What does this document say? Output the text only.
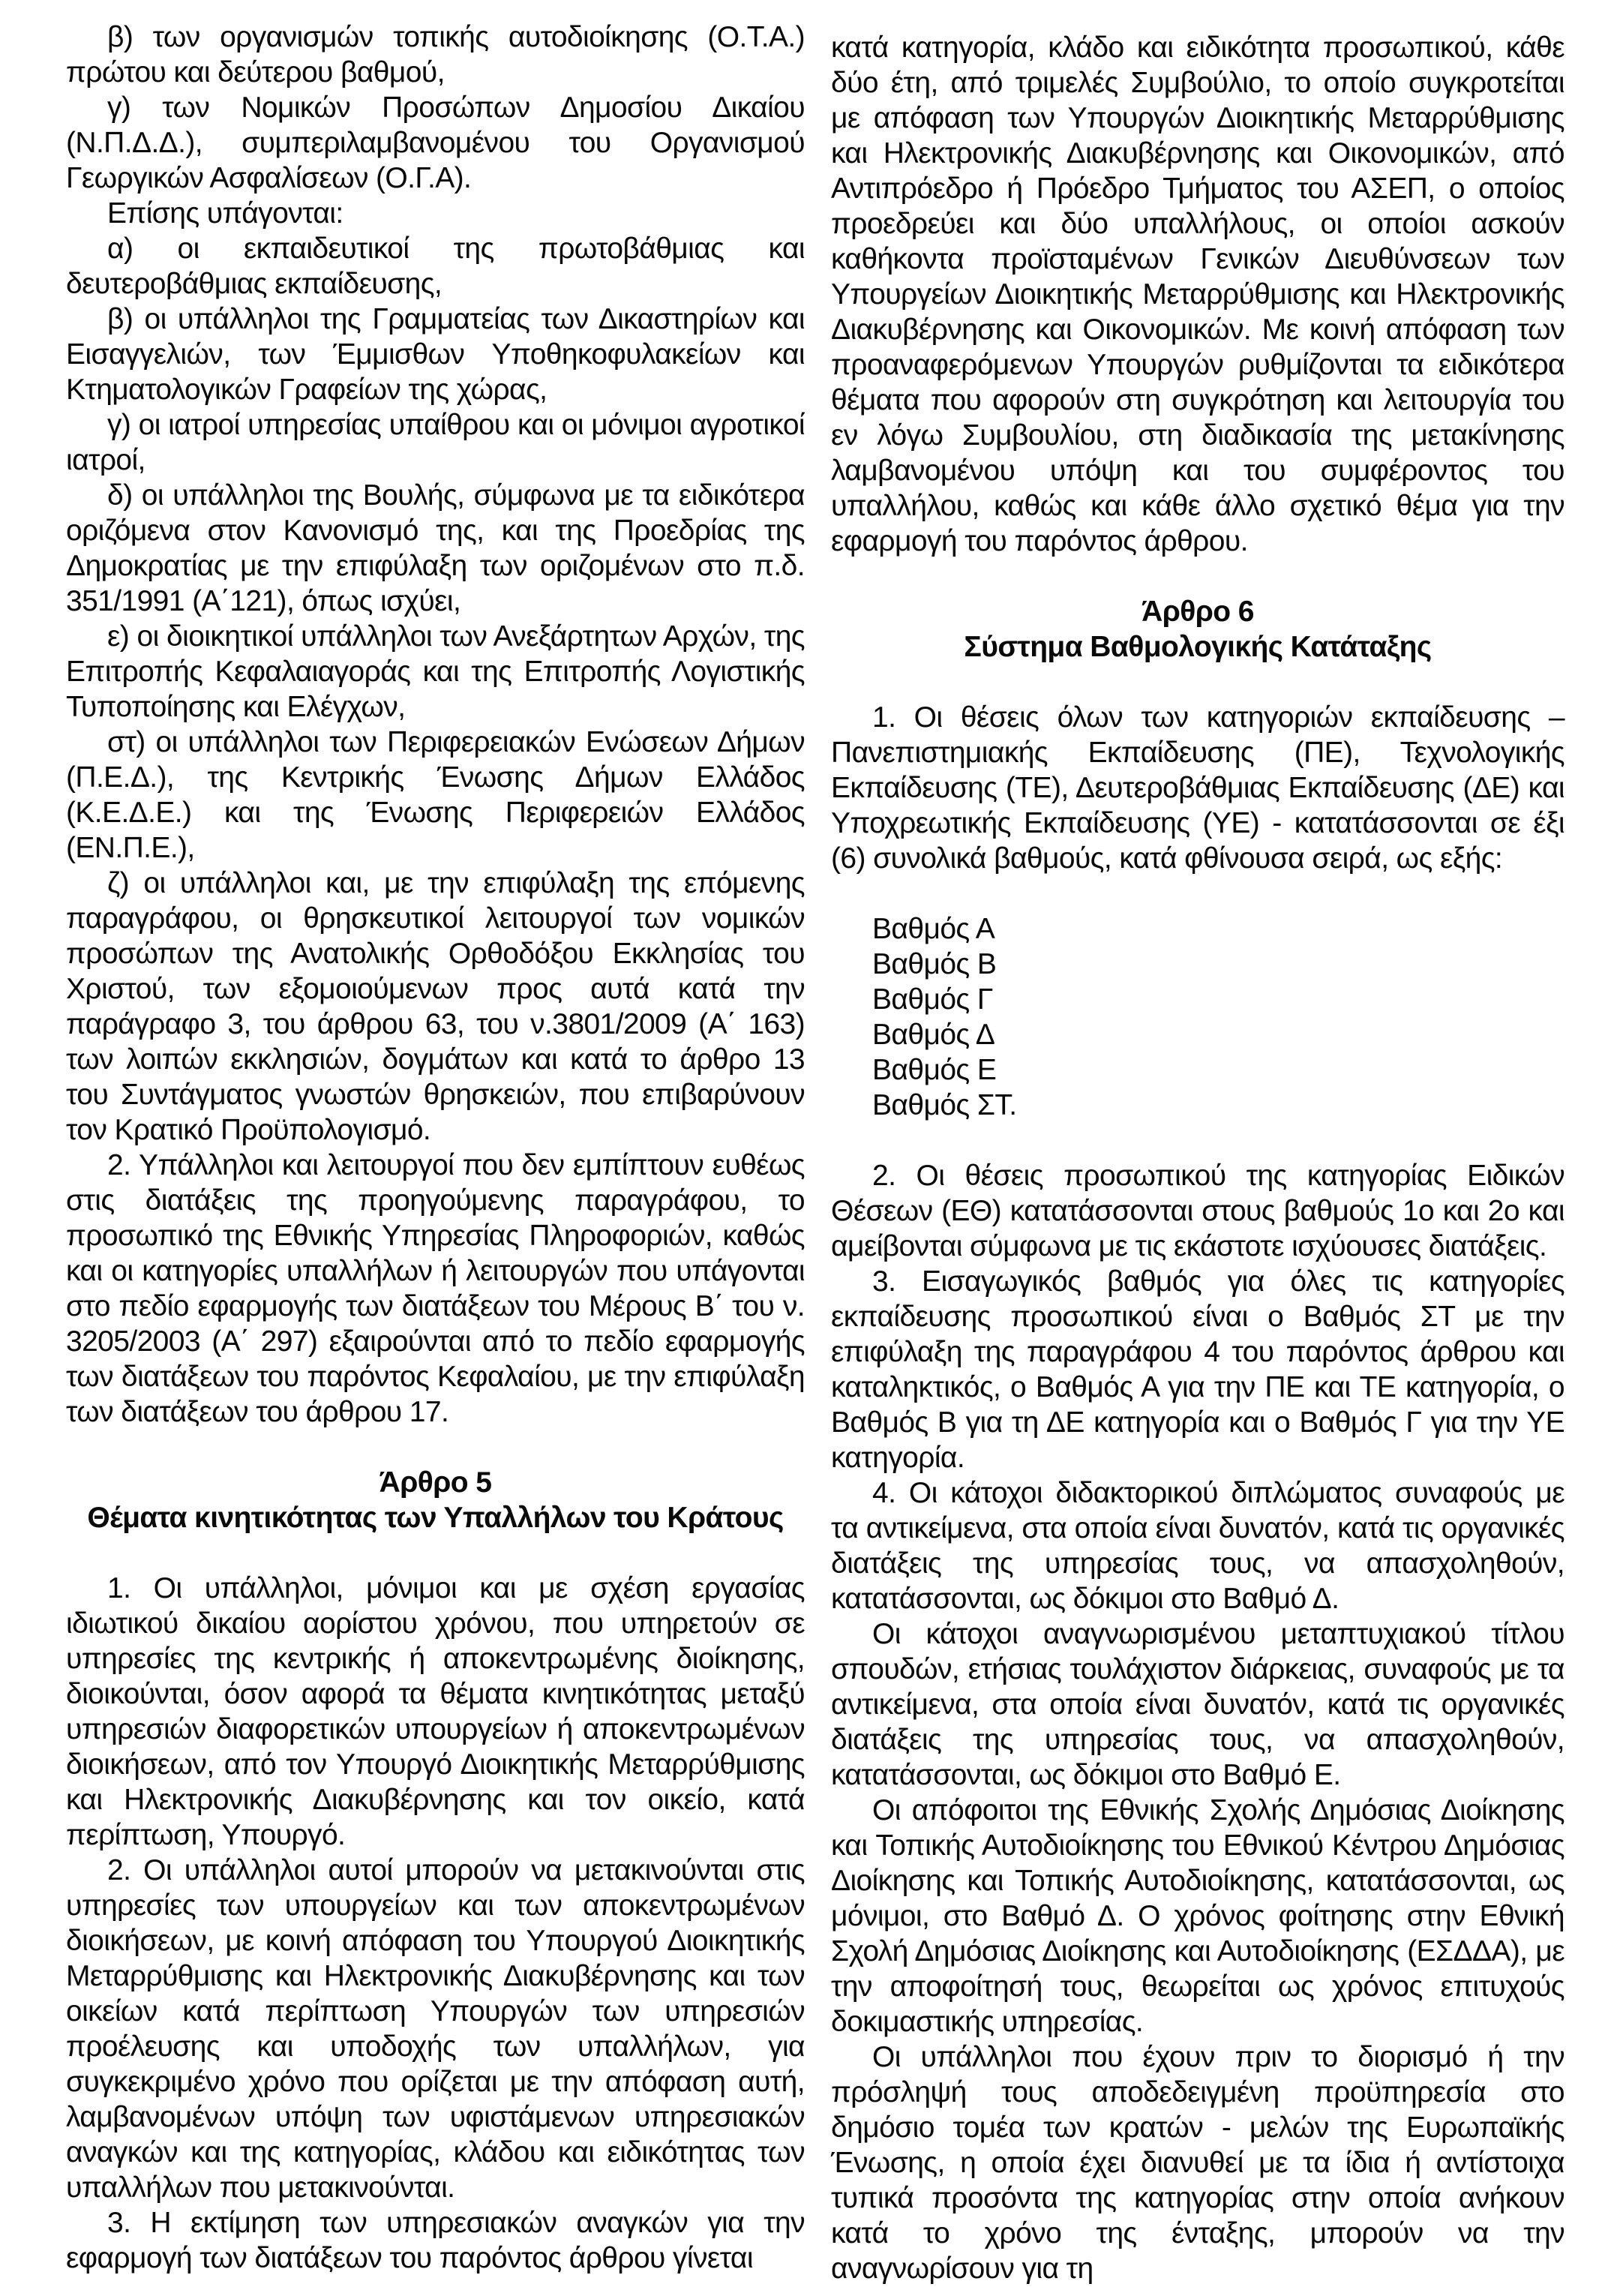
β) των οργανισμών τοπικής αυτοδιοίκησης (Ο.Τ.Α.) πρώτου και δεύτερου βαθμού,

γ) των Νομικών Προσώπων Δημοσίου Δικαίου (Ν.Π.Δ.Δ.), συμπεριλαμβανομένου του Οργανισμού Γεωργικών Ασφαλίσεων (Ο.Γ.Α).

Επίσης υπάγονται:

α) οι εκπαιδευτικοί της πρωτοβάθμιας και δευτεροβάθμιας εκπαίδευσης,

β) οι υπάλληλοι της Γραμματείας των Δικαστηρίων και Εισαγγελιών, των Έμμισθων Υποθηκοφυλακείων και Κτηματολογικών Γραφείων της χώρας,

γ) οι ιατροί υπηρεσίας υπαίθρου και οι μόνιμοι αγροτικοί ιατροί,

δ) οι υπάλληλοι της Βουλής, σύμφωνα με τα ειδικότερα οριζόμενα στον Κανονισμό της, και της Προεδρίας της Δημοκρατίας με την επιφύλαξη των οριζομένων στο π.δ. 351/1991 (Α΄121), όπως ισχύει,

ε) οι διοικητικοί υπάλληλοι των Ανεξάρτητων Αρχών, της Επιτροπής Κεφαλαιαγοράς και της Επιτροπής Λογιστικής Τυποποίησης και Ελέγχων,

στ) οι υπάλληλοι των Περιφερειακών Ενώσεων Δήμων (Π.Ε.Δ.), της Κεντρικής Ένωσης Δήμων Ελλάδος (Κ.Ε.Δ.Ε.) και της Ένωσης Περιφερειών Ελλάδος (ΕΝ.Π.Ε.),

ζ) οι υπάλληλοι και, με την επιφύλαξη της επόμενης παραγράφου, οι θρησκευτικοί λειτουργοί των νομικών προσώπων της Ανατολικής Ορθοδόξου Εκκλησίας του Χριστού, των εξομοιούμενων προς αυτά κατά την παράγραφο 3, του άρθρου 63, του ν.3801/2009 (Α΄ 163) των λοιπών εκκλησιών, δογμάτων και κατά το άρθρο 13 του Συντάγματος γνωστών θρησκειών, που επιβαρύνουν τον Κρατικό Προϋπολογισμό.

2. Υπάλληλοι και λειτουργοί που δεν εμπίπτουν ευθέως στις διατάξεις της προηγούμενης παραγράφου, το προσωπικό της Εθνικής Υπηρεσίας Πληροφοριών, καθώς και οι κατηγορίες υπαλλήλων ή λειτουργών που υπάγονται στο πεδίο εφαρμογής των διατάξεων του Μέρους Β΄ του ν. 3205/2003 (Α΄ 297) εξαιρούνται από το πεδίο εφαρμογής των διατάξεων του παρόντος Κεφαλαίου, με την επιφύλαξη των διατάξεων του άρθρου 17.

Άρθρο 5
Θέματα κινητικότητας των Υπαλλήλων του Κράτους

1. Οι υπάλληλοι, μόνιμοι και με σχέση εργασίας ιδιωτικού δικαίου αορίστου χρόνου, που υπηρετούν σε υπηρεσίες της κεντρικής ή αποκεντρωμένης διοίκησης, διοικούνται, όσον αφορά τα θέματα κινητικότητας μεταξύ υπηρεσιών διαφορετικών υπουργείων ή αποκεντρωμένων διοικήσεων, από τον Υπουργό Διοικητικής Μεταρρύθμισης και Ηλεκτρονικής Διακυβέρνησης και τον οικείο, κατά περίπτωση, Υπουργό.

2. Οι υπάλληλοι αυτοί μπορούν να μετακινούνται στις υπηρεσίες των υπουργείων και των αποκεντρωμένων διοικήσεων, με κοινή απόφαση του Υπουργού Διοικητικής Μεταρρύθμισης και Ηλεκτρονικής Διακυβέρνησης και των οικείων κατά περίπτωση Υπουργών των υπηρεσιών προέλευσης και υποδοχής των υπαλλήλων, για συγκεκριμένο χρόνο που ορίζεται με την απόφαση αυτή, λαμβανομένων υπόψη των υφιστάμενων υπηρεσιακών αναγκών και της κατηγορίας, κλάδου και ειδικότητας των υπαλλήλων που μετακινούνται.

3. Η εκτίμηση των υπηρεσιακών αναγκών για την εφαρμογή των διατάξεων του παρόντος άρθρου γίνεται

κατά κατηγορία, κλάδο και ειδικότητα προσωπικού, κάθε δύο έτη, από τριμελές Συμβούλιο, το οποίο συγκροτείται με απόφαση των Υπουργών Διοικητικής Μεταρρύθμισης και Ηλεκτρονικής Διακυβέρνησης και Οικονομικών, από Αντιπρόεδρο ή Πρόεδρο Τμήματος του ΑΣΕΠ, ο οποίος προεδρεύει και δύο υπαλλήλους, οι οποίοι ασκούν καθήκοντα προϊσταμένων Γενικών Διευθύνσεων των Υπουργείων Διοικητικής Μεταρρύθμισης και Ηλεκτρονικής Διακυβέρνησης και Οικονομικών. Με κοινή απόφαση των προαναφερόμενων Υπουργών ρυθμίζονται τα ειδικότερα θέματα που αφορούν στη συγκρότηση και λειτουργία του εν λόγω Συμβουλίου, στη διαδικασία της μετακίνησης λαμβανομένου υπόψη και του συμφέροντος του υπαλλήλου, καθώς και κάθε άλλο σχετικό θέμα για την εφαρμογή του παρόντος άρθρου.

Άρθρο 6
Σύστημα Βαθμολογικής Κατάταξης

1. Οι θέσεις όλων των κατηγοριών εκπαίδευσης – Πανεπιστημιακής Εκπαίδευσης (ΠΕ), Τεχνολογικής Εκπαίδευσης (ΤΕ), Δευτεροβάθμιας Εκπαίδευσης (ΔΕ) και Υποχρεωτικής Εκπαίδευσης (ΥΕ) - κατατάσσονται σε έξι (6) συνολικά βαθμούς, κατά φθίνουσα σειρά, ως εξής:

Βαθμός Α

Βαθμός Β

Βαθμός Γ

Βαθμός Δ

Βαθμός Ε

Βαθμός ΣΤ.

2. Οι θέσεις προσωπικού της κατηγορίας Ειδικών Θέσεων (ΕΘ) κατατάσσονται στους βαθμούς 1ο και 2ο και αμείβονται σύμφωνα με τις εκάστοτε ισχύουσες διατάξεις.

3. Εισαγωγικός βαθμός για όλες τις κατηγορίες εκπαίδευσης προσωπικού είναι ο Βαθμός ΣΤ με την επιφύλαξη της παραγράφου 4 του παρόντος άρθρου και καταληκτικός, ο Βαθμός Α για την ΠΕ και ΤΕ κατηγορία, ο Βαθμός Β για τη ΔΕ κατηγορία και ο Βαθμός Γ για την ΥΕ κατηγορία.

4. Οι κάτοχοι διδακτορικού διπλώματος συναφούς με τα αντικείμενα, στα οποία είναι δυνατόν, κατά τις οργανικές διατάξεις της υπηρεσίας τους, να απασχοληθούν, κατατάσσονται, ως δόκιμοι στο Βαθμό Δ.

Οι κάτοχοι αναγνωρισμένου μεταπτυχιακού τίτλου σπουδών, ετήσιας τουλάχιστον διάρκειας, συναφούς με τα αντικείμενα, στα οποία είναι δυνατόν, κατά τις οργανικές διατάξεις της υπηρεσίας τους, να απασχοληθούν, κατατάσσονται, ως δόκιμοι στο Βαθμό Ε.

Οι απόφοιτοι της Εθνικής Σχολής Δημόσιας Διοίκησης και Τοπικής Αυτοδιοίκησης του Εθνικού Κέντρου Δημόσιας Διοίκησης και Τοπικής Αυτοδιοίκησης, κατατάσσονται, ως μόνιμοι, στο Βαθμό Δ. Ο χρόνος φοίτησης στην Εθνική Σχολή Δημόσιας Διοίκησης και Αυτοδιοίκησης (ΕΣΔΔΑ), με την αποφοίτησή τους, θεωρείται ως χρόνος επιτυχούς δοκιμαστικής υπηρεσίας.

Οι υπάλληλοι που έχουν πριν το διορισμό ή την πρόσληψή τους αποδεδειγμένη προϋπηρεσία στο δημόσιο τομέα των κρατών - μελών της Ευρωπαϊκής Ένωσης, η οποία έχει διανυθεί με τα ίδια ή αντίστοιχα τυπικά προσόντα της κατηγορίας στην οποία ανήκουν κατά το χρόνο της ένταξης, μπορούν να την αναγνωρίσουν για τη
